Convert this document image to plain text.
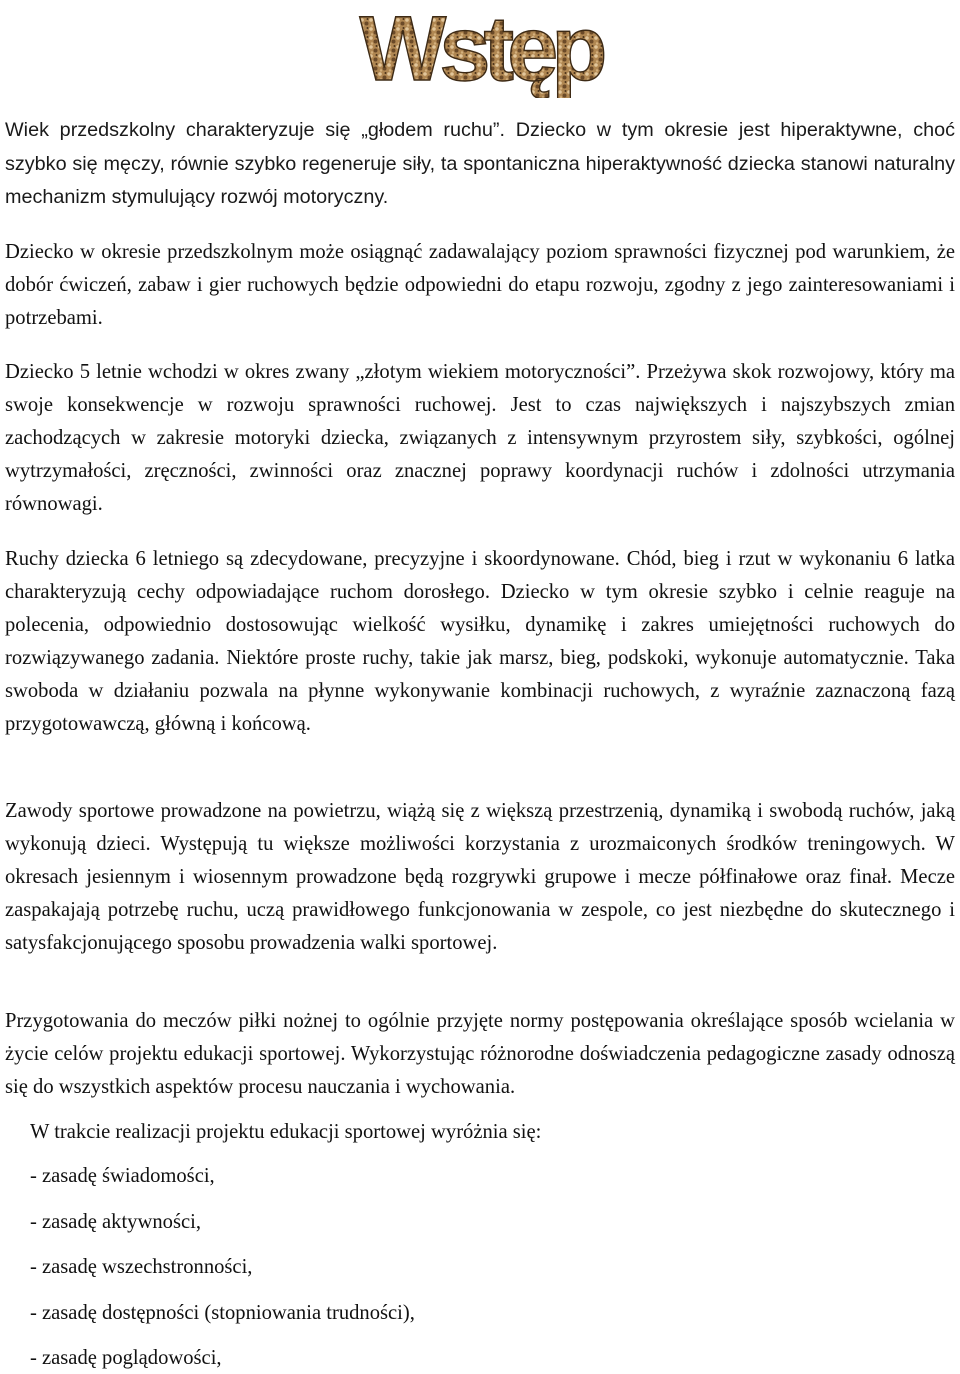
Wstęp

Wiek przedszkolny charakteryzuje się „głodem ruchu”. Dziecko w tym okresie jest hiperaktywne, choć szybko się męczy, równie szybko regeneruje siły, ta spontaniczna hiperaktywność dziecka stanowi naturalny mechanizm stymulujący rozwój motoryczny.

Dziecko w okresie przedszkolnym może osiągnąć zadawalający poziom sprawności fizycznej pod warunkiem, że dobór ćwiczeń, zabaw i gier ruchowych będzie odpowiedni do etapu rozwoju, zgodny z jego zainteresowaniami i potrzebami.

Dziecko 5 letnie wchodzi w okres zwany „złotym wiekiem motoryczności”. Przeżywa skok rozwojowy, który ma swoje konsekwencje w rozwoju sprawności ruchowej. Jest to czas największych i najszybszych zmian zachodzących w zakresie motoryki dziecka, związanych z intensywnym przyrostem siły, szybkości, ogólnej wytrzymałości, zręczności, zwinności oraz znacznej poprawy koordynacji ruchów i zdolności utrzymania równowagi.

Ruchy dziecka 6 letniego są zdecydowane, precyzyjne i skoordynowane. Chód, bieg i rzut w wykonaniu 6 latka charakteryzują cechy odpowiadające ruchom dorosłego. Dziecko w tym okresie szybko i celnie reaguje na polecenia, odpowiednio dostosowując wielkość wysiłku, dynamikę i zakres umiejętności ruchowych do rozwiązywanego zadania. Niektóre proste ruchy, takie jak marsz, bieg, podskoki, wykonuje automatycznie. Taka swoboda w działaniu pozwala na płynne wykonywanie kombinacji ruchowych, z wyraźnie zaznaczoną fazą przygotowawczą, główną i końcową.

Zawody sportowe prowadzone na powietrzu, wiążą się z większą przestrzenią, dynamiką i swobodą ruchów, jaką wykonują dzieci. Występują tu większe możliwości korzystania z urozmaiconych środków treningowych. W okresach jesiennym i wiosennym prowadzone będą rozgrywki grupowe i mecze półfinałowe oraz finał. Mecze zaspakajają potrzebę ruchu, uczą prawidłowego funkcjonowania w zespole, co jest niezbędne do skutecznego i satysfakcjonującego sposobu prowadzenia walki sportowej.

Przygotowania do meczów piłki nożnej to ogólnie przyjęte normy postępowania określające sposób wcielania w życie celów projektu edukacji sportowej. Wykorzystując różnorodne doświadczenia pedagogiczne zasady odnoszą się do wszystkich aspektów procesu nauczania i wychowania.

W trakcie realizacji projektu edukacji sportowej wyróżnia się:

- zasadę świadomości,
- zasadę aktywności,
- zasadę wszechstronności,
- zasadę dostępności (stopniowania trudności),
- zasadę poglądowości,
